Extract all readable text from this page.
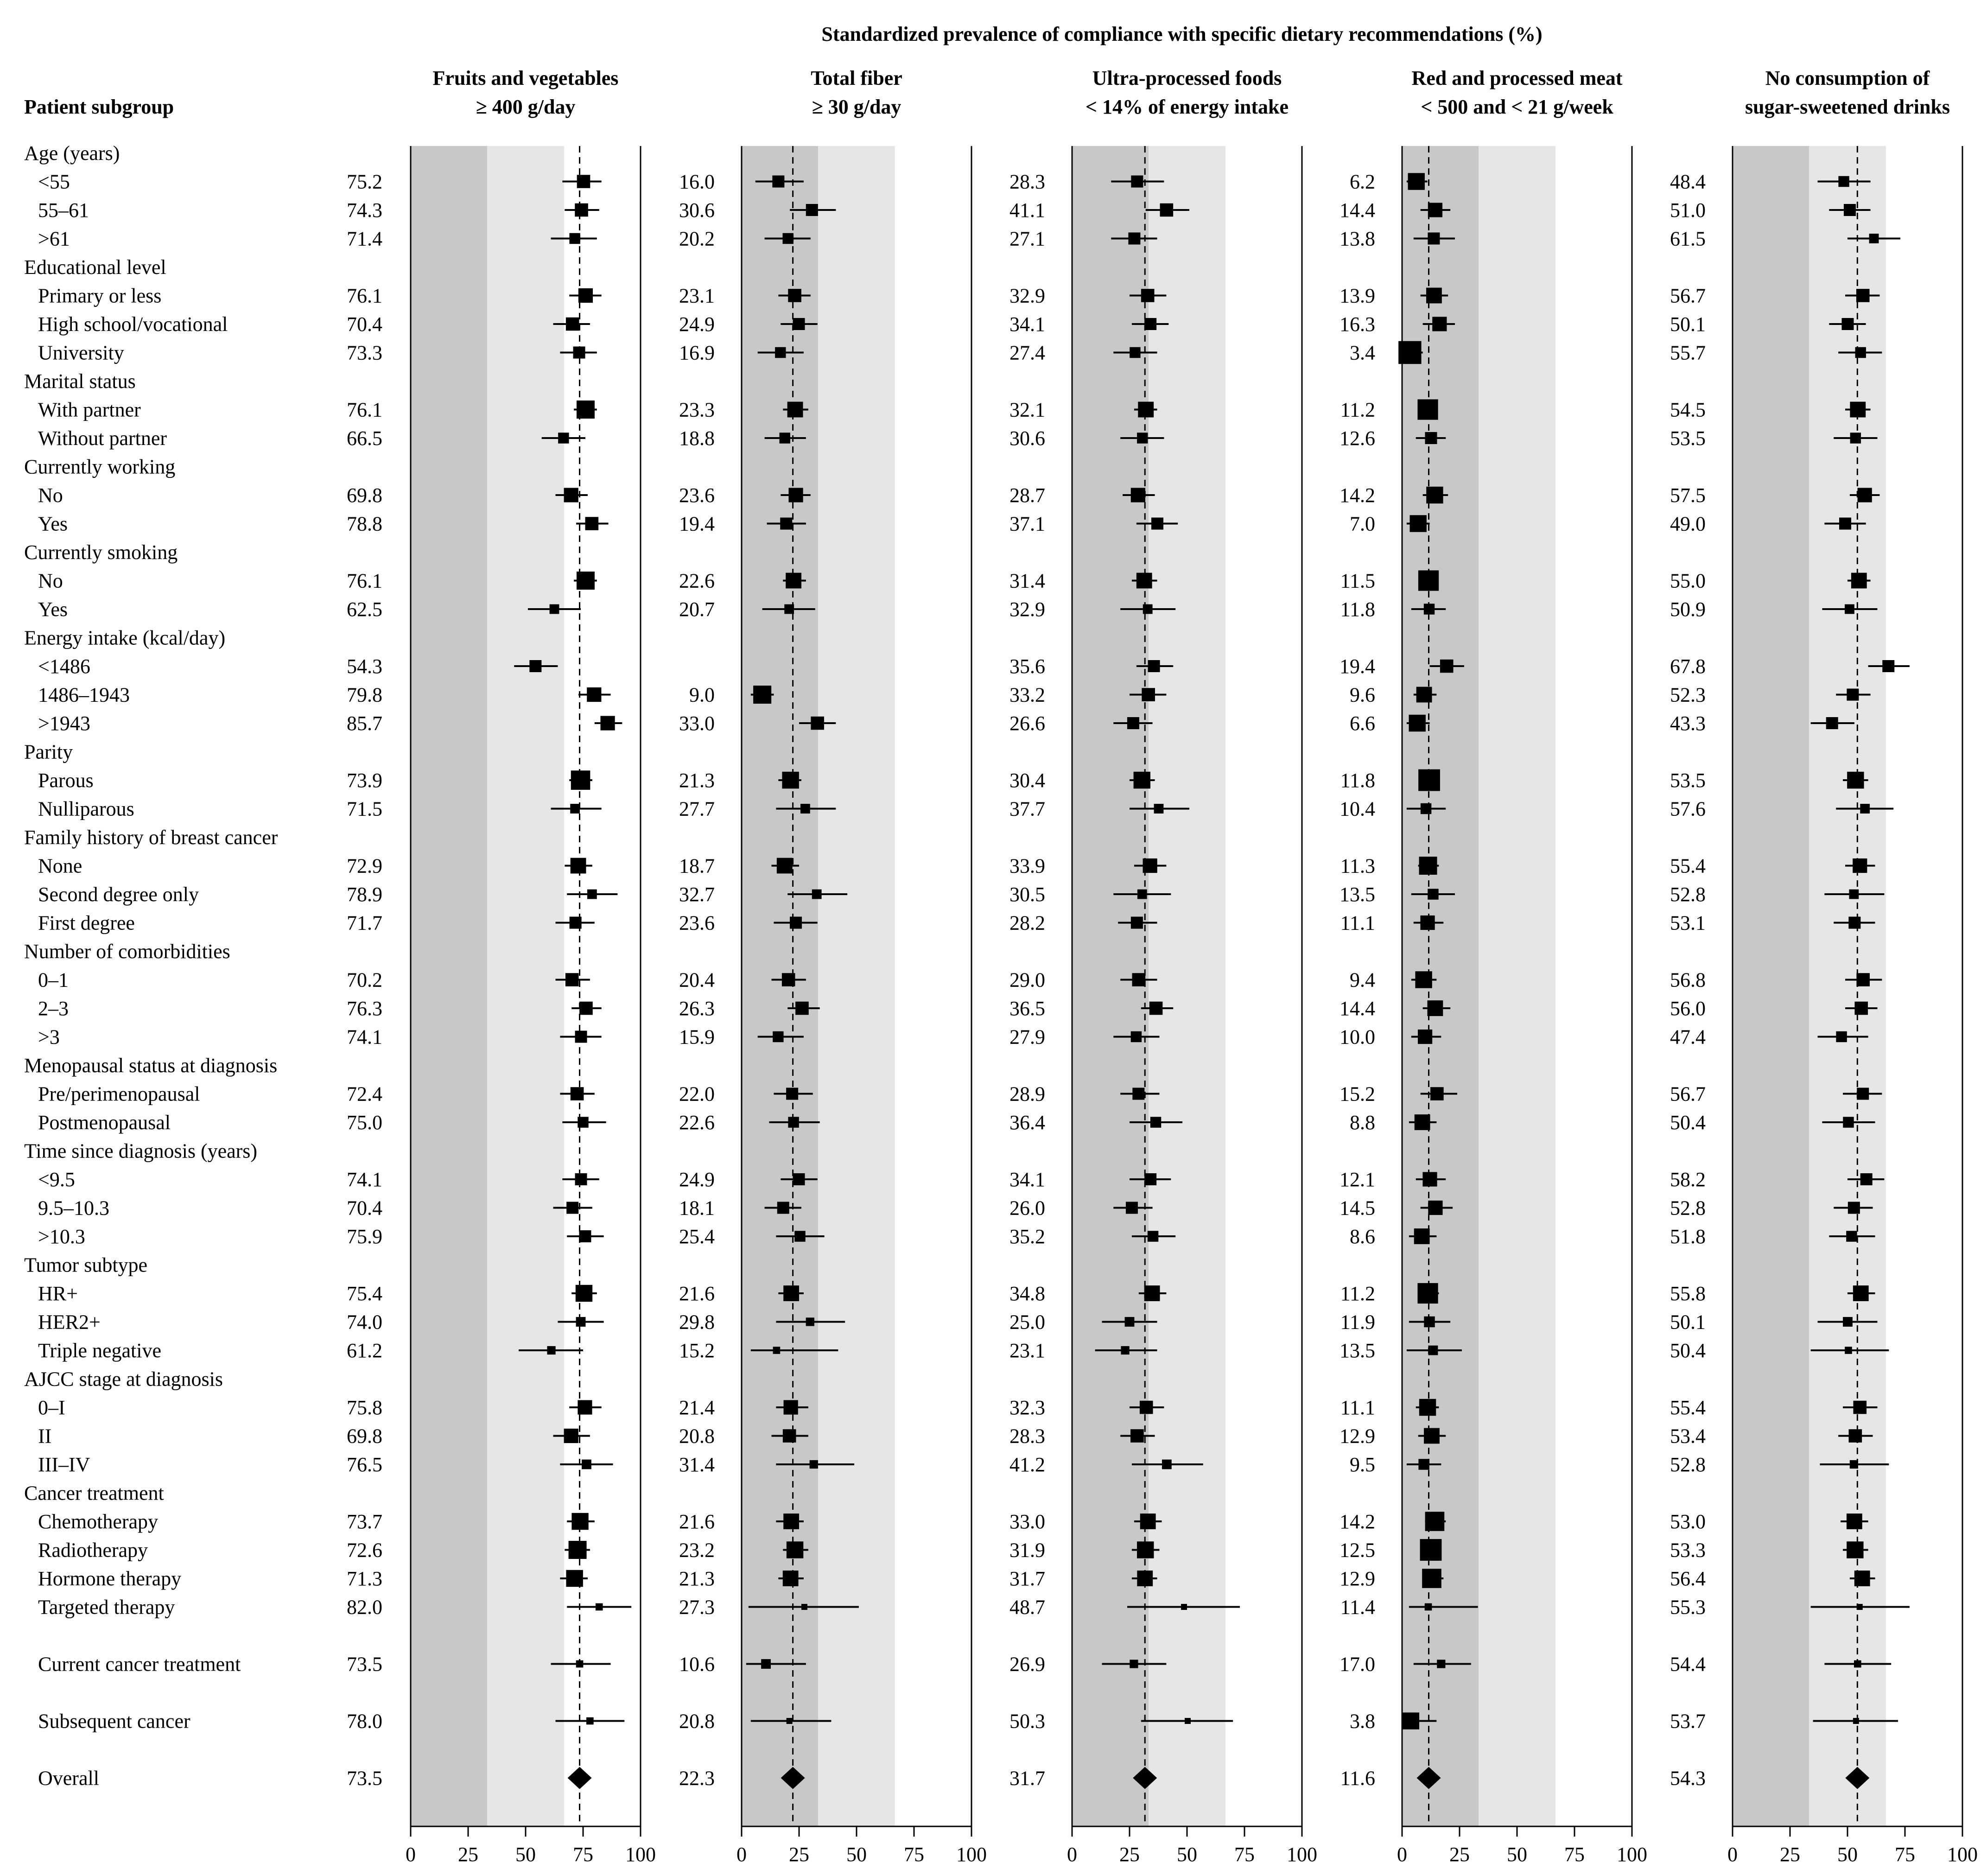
Standardized prevalence of compliance with specific dietary recommendations (%)
Patient subgroup
Age (years)
<55
55–61
>61
Educational level
Primary or less
High school/vocational
University
Marital status
With partner
Without partner
Currently working
No
Yes
Currently smoking
No
Yes
Energy intake (kcal/day)
<1486
1486–1943
>1943
Parity
Parous
Nulliparous
Family history of breast cancer
None
Second degree only
First degree
Number of comorbidities
0–1
2–3
>3
Menopausal status at diagnosis
Pre/perimenopausal
Postmenopausal
Time since diagnosis (years)
<9.5
9.5–10.3
>10.3
Tumor subtype
HR+
HER2+
Triple negative
AJCC stage at diagnosis
0–I
II
III–IV
Cancer treatment
Chemotherapy
Radiotherapy
Hormone therapy
Targeted therapy
Current cancer treatment
Subsequent cancer
Overall
0 25 50 75 100
Fruits and vegetables
≥ 400 g/day
75.2
74.3
71.4
76.1
70.4
73.3
76.1
66.5
69.8
78.8
76.1
62.5
54.3
79.8
85.7
73.9
71.5
72.9
78.9
71.7
70.2
76.3
74.1
72.4
75.0
74.1
70.4
75.9
75.4
74.0
61.2
75.8
69.8
76.5
73.7
72.6
71.3
82.0
73.5
78.0
73.5
0 25 50 75 100
Total fiber
≥ 30 g/day
16.0
30.6
20.2
23.1
24.9
16.9
23.3
18.8
23.6
19.4
22.6
20.7
9.0
33.0
21.3
27.7
18.7
32.7
23.6
20.4
26.3
15.9
22.0
22.6
24.9
18.1
25.4
21.6
29.8
15.2
21.4
20.8
31.4
21.6
23.2
21.3
27.3
10.6
20.8
22.3
0 25 50 75 100
Ultra-processed foods
< 14% of energy intake
28.3
41.1
27.1
32.9
34.1
27.4
32.1
30.6
28.7
37.1
31.4
32.9
35.6
33.2
26.6
30.4
37.7
33.9
30.5
28.2
29.0
36.5
27.9
28.9
36.4
34.1
26.0
35.2
34.8
25.0
23.1
32.3
28.3
41.2
33.0
31.9
31.7
48.7
26.9
50.3
31.7
0 25 50 75 100
Red and processed meat
< 500 and < 21 g/week
6.2
14.4
13.8
13.9
16.3
3.4
11.2
12.6
14.2
7.0
11.5
11.8
19.4
9.6
6.6
11.8
10.4
11.3
13.5
11.1
9.4
14.4
10.0
15.2
8.8
12.1
14.5
8.6
11.2
11.9
13.5
11.1
12.9
9.5
14.2
12.5
12.9
11.4
17.0
3.8
11.6
0 25 50 75 100
No consumption of
sugar-sweetened drinks
48.4
51.0
61.5
56.7
50.1
55.7
54.5
53.5
57.5
49.0
55.0
50.9
67.8
52.3
43.3
53.5
57.6
55.4
52.8
53.1
56.8
56.0
47.4
56.7
50.4
58.2
52.8
51.8
55.8
50.1
50.4
55.4
53.4
52.8
53.0
53.3
56.4
55.3
54.4
53.7
54.3
